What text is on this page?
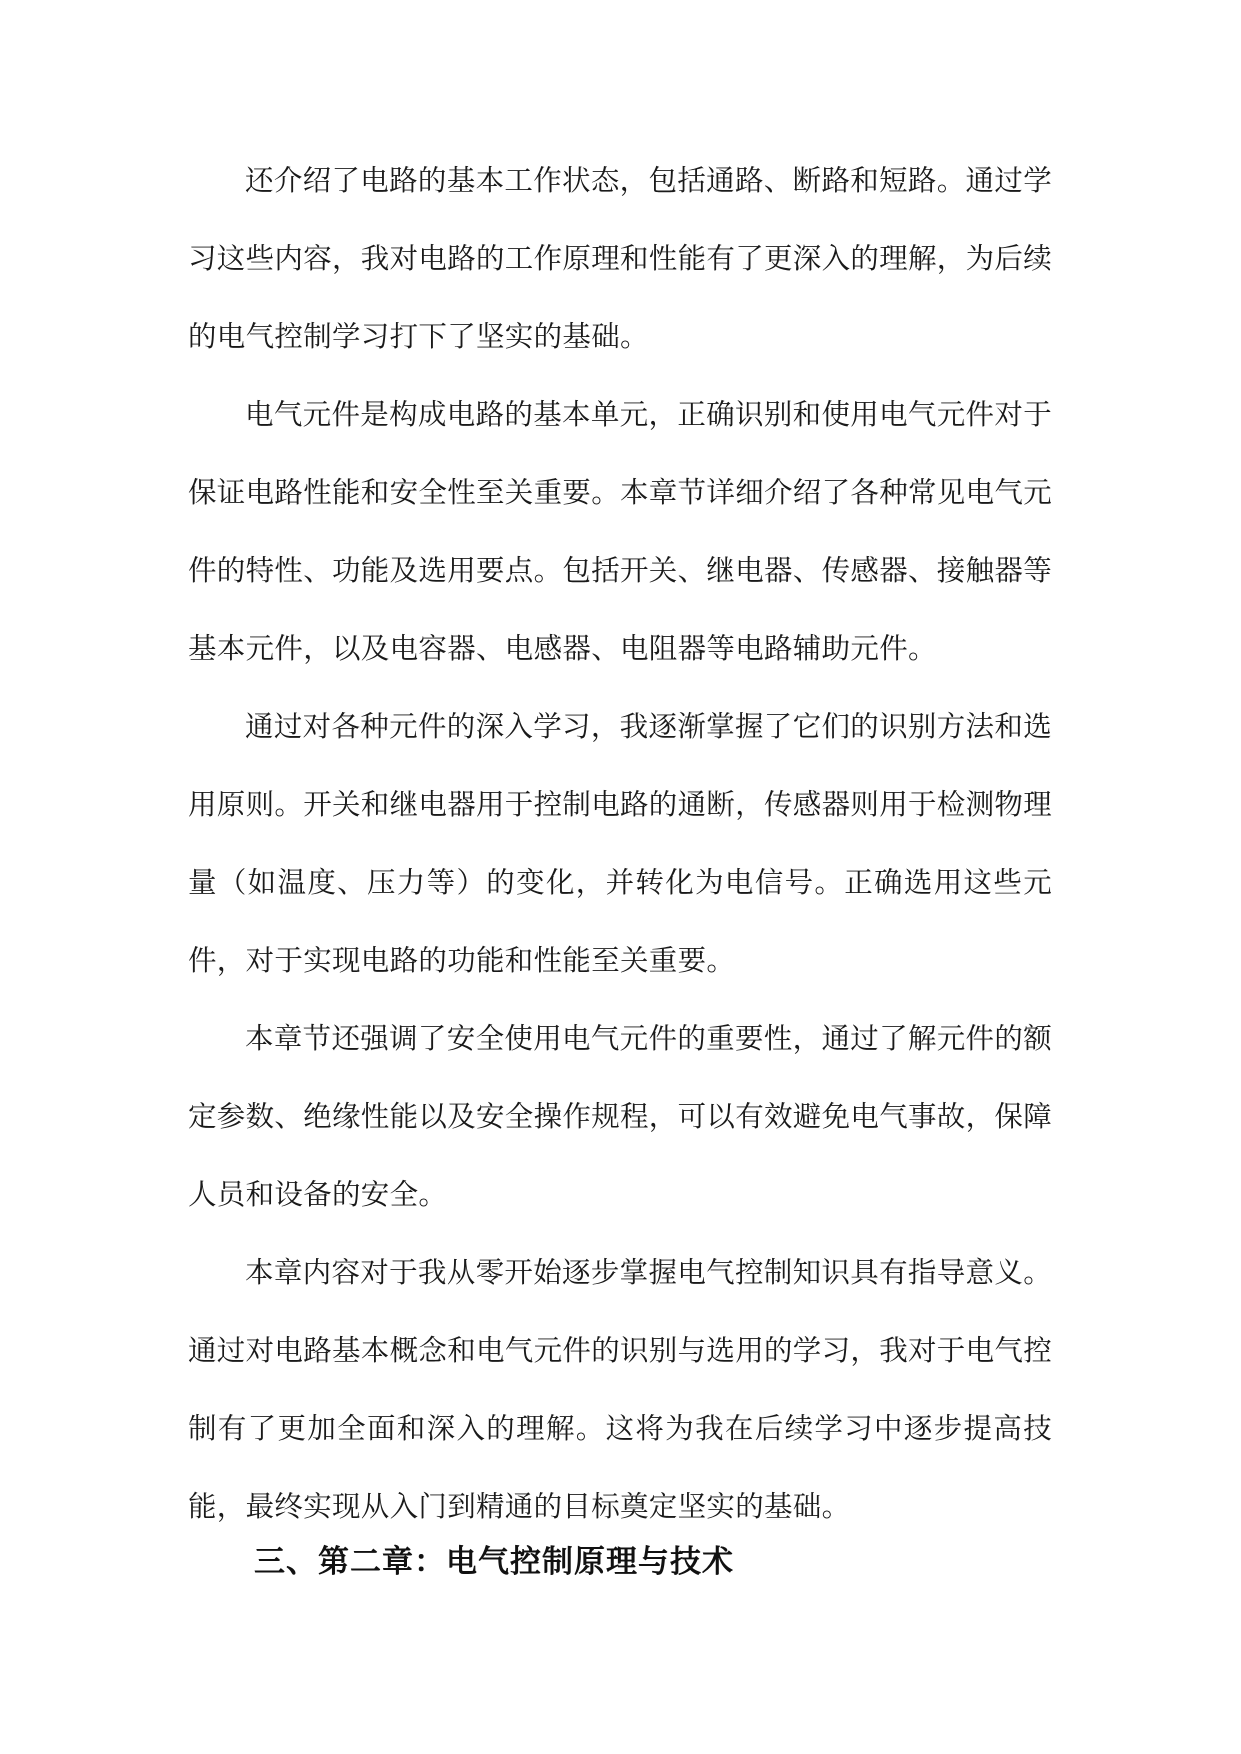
还介绍了电路的基本工作状态，包括通路、断路和短路。通过学习这些内容，我对电路的工作原理和性能有了更深入的理解，为后续的电气控制学习打下了坚实的基础。

电气元件是构成电路的基本单元，正确识别和使用电气元件对于保证电路性能和安全性至关重要。本章节详细介绍了各种常见电气元件的特性、功能及选用要点。包括开关、继电器、传感器、接触器等基本元件，以及电容器、电感器、电阻器等电路辅助元件。

通过对各种元件的深入学习，我逐渐掌握了它们的识别方法和选用原则。开关和继电器用于控制电路的通断，传感器则用于检测物理量（如温度、压力等）的变化，并转化为电信号。正确选用这些元件，对于实现电路的功能和性能至关重要。

本章节还强调了安全使用电气元件的重要性，通过了解元件的额定参数、绝缘性能以及安全操作规程，可以有效避免电气事故，保障人员和设备的安全。

本章内容对于我从零开始逐步掌握电气控制知识具有指导意义。通过对电路基本概念和电气元件的识别与选用的学习，我对于电气控制有了更加全面和深入的理解。这将为我在后续学习中逐步提高技能，最终实现从入门到精通的目标奠定坚实的基础。

三、第二章：电气控制原理与技术
